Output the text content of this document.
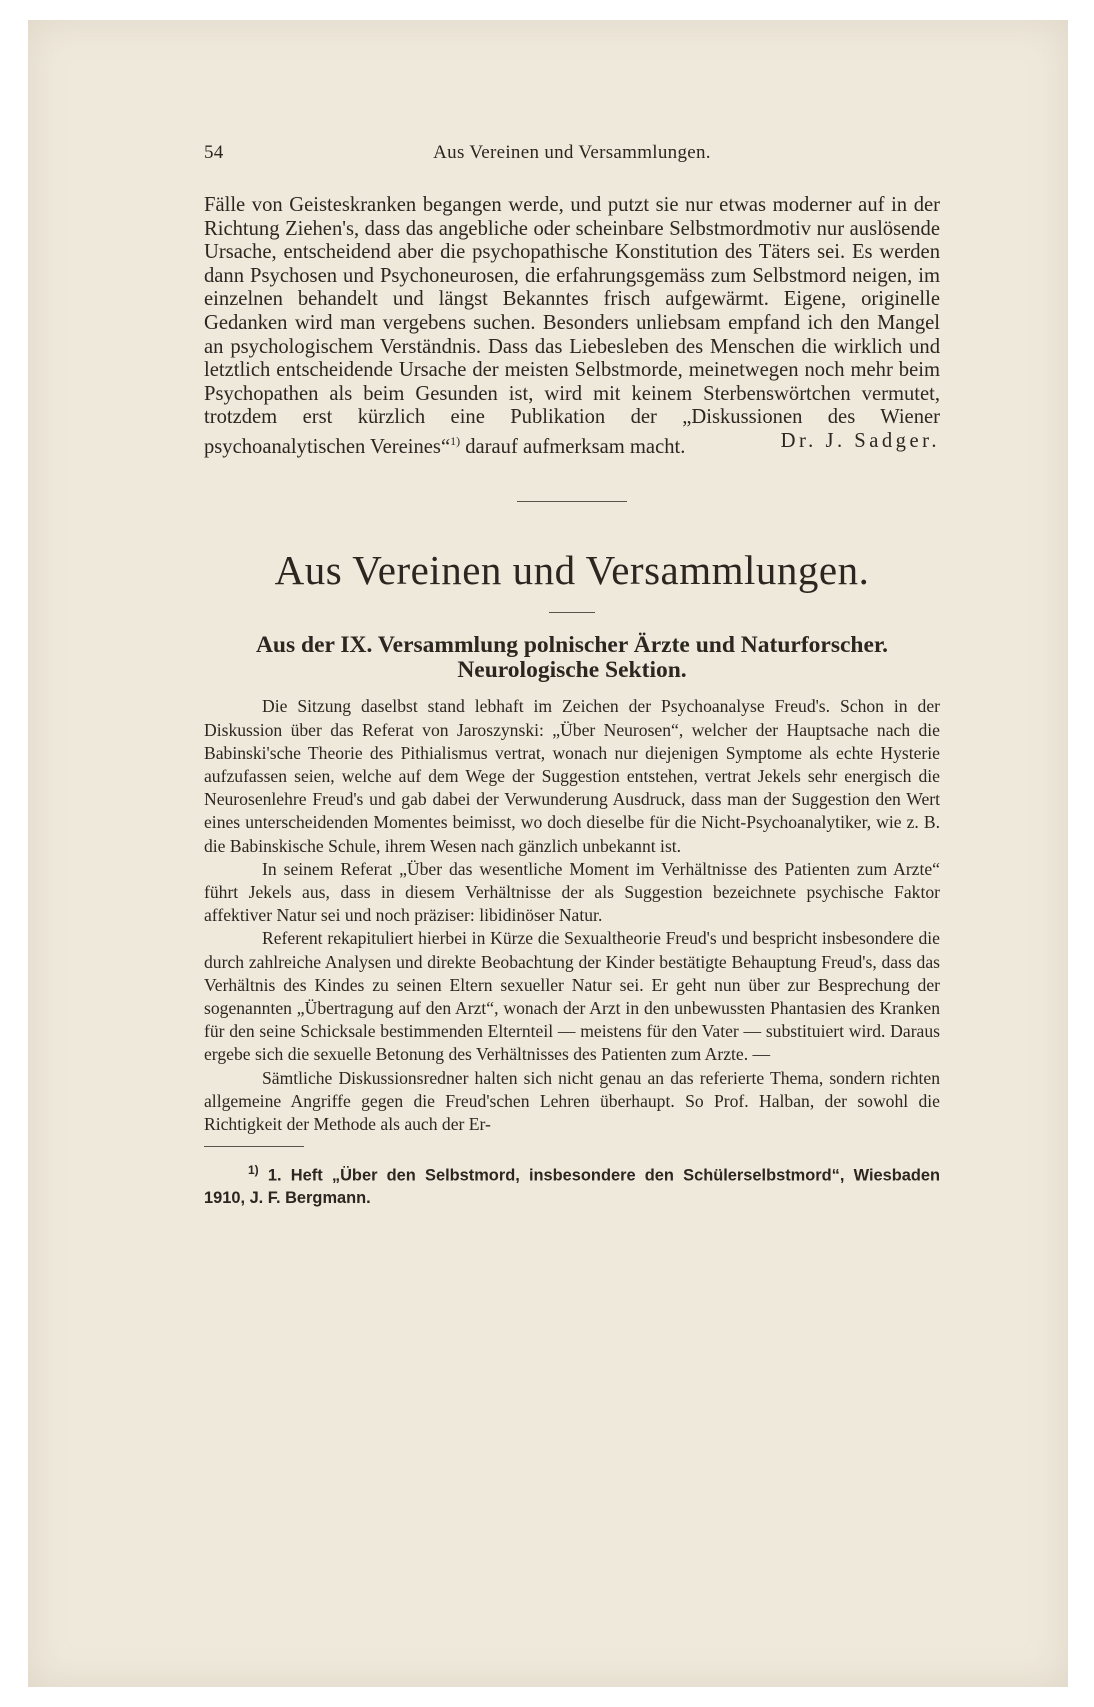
54	Aus Vereinen und Versammlungen.

Fälle von Geisteskranken begangen werde, und putzt sie nur etwas moderner auf in der Richtung Ziehen's, dass das angebliche oder scheinbare Selbstmordmotiv nur auslösende Ursache, entscheidend aber die psychopathische Konstitution des Täters sei. Es werden dann Psychosen und Psychoneurosen, die erfahrungsgemäss zum Selbstmord neigen, im einzelnen behandelt und längst Bekanntes frisch aufgewärmt. Eigene, originelle Gedanken wird man vergebens suchen. Besonders unliebsam empfand ich den Mangel an psychologischem Verständnis. Dass das Liebesleben des Menschen die wirklich und letztlich entscheidende Ursache der meisten Selbstmorde, meinetwegen noch mehr beim Psychopathen als beim Gesunden ist, wird mit keinem Sterbenswörtchen vermutet, trotzdem erst kürzlich eine Publikation der „Diskussionen des Wiener psychoanalytischen Vereines“$^{1)}$ darauf aufmerksam macht.	Dr. J. Sadger.

Aus Vereinen und Versammlungen.
Aus der IX. Versammlung polnischer Ärzte und Naturforscher.
Neurologische Sektion.

Die Sitzung daselbst stand lebhaft im Zeichen der Psychoanalyse Freud's. Schon in der Diskussion über das Referat von Jaroszynski: „Über Neurosen“, welcher der Hauptsache nach die Babinski'sche Theorie des Pithialismus vertrat, wonach nur diejenigen Symptome als echte Hysterie aufzufassen seien, welche auf dem Wege der Suggestion entstehen, vertrat Jekels sehr energisch die Neurosenlehre Freud's und gab dabei der Verwunderung Ausdruck, dass man der Suggestion den Wert eines unterscheidenden Momentes beimisst, wo doch dieselbe für die Nicht-Psychoanalytiker, wie z. B. die Babinskische Schule, ihrem Wesen nach gänzlich unbekannt ist.

In seinem Referat „Über das wesentliche Moment im Verhältnisse des Patienten zum Arzte“ führt Jekels aus, dass in diesem Verhältnisse der als Suggestion bezeichnete psychische Faktor affektiver Natur sei und noch präziser: libidinöser Natur.

Referent rekapituliert hierbei in Kürze die Sexualtheorie Freud's und bespricht insbesondere die durch zahlreiche Analysen und direkte Beobachtung der Kinder bestätigte Behauptung Freud's, dass das Verhältnis des Kindes zu seinen Eltern sexueller Natur sei. Er geht nun über zur Besprechung der sogenannten „Übertragung auf den Arzt“, wonach der Arzt in den unbewussten Phantasien des Kranken für den seine Schicksale bestimmenden Elternteil — meistens für den Vater — substituiert wird. Daraus ergebe sich die sexuelle Betonung des Verhältnisses des Patienten zum Arzte. —

Sämtliche Diskussionsredner halten sich nicht genau an das referierte Thema, sondern richten allgemeine Angriffe gegen die Freud'schen Lehren überhaupt. So Prof. Halban, der sowohl die Richtigkeit der Methode als auch der Er-

$^{1)}$ 1. Heft „Über den Selbstmord, insbesondere den Schülerselbstmord“, Wiesbaden 1910, J. F. Bergmann.
